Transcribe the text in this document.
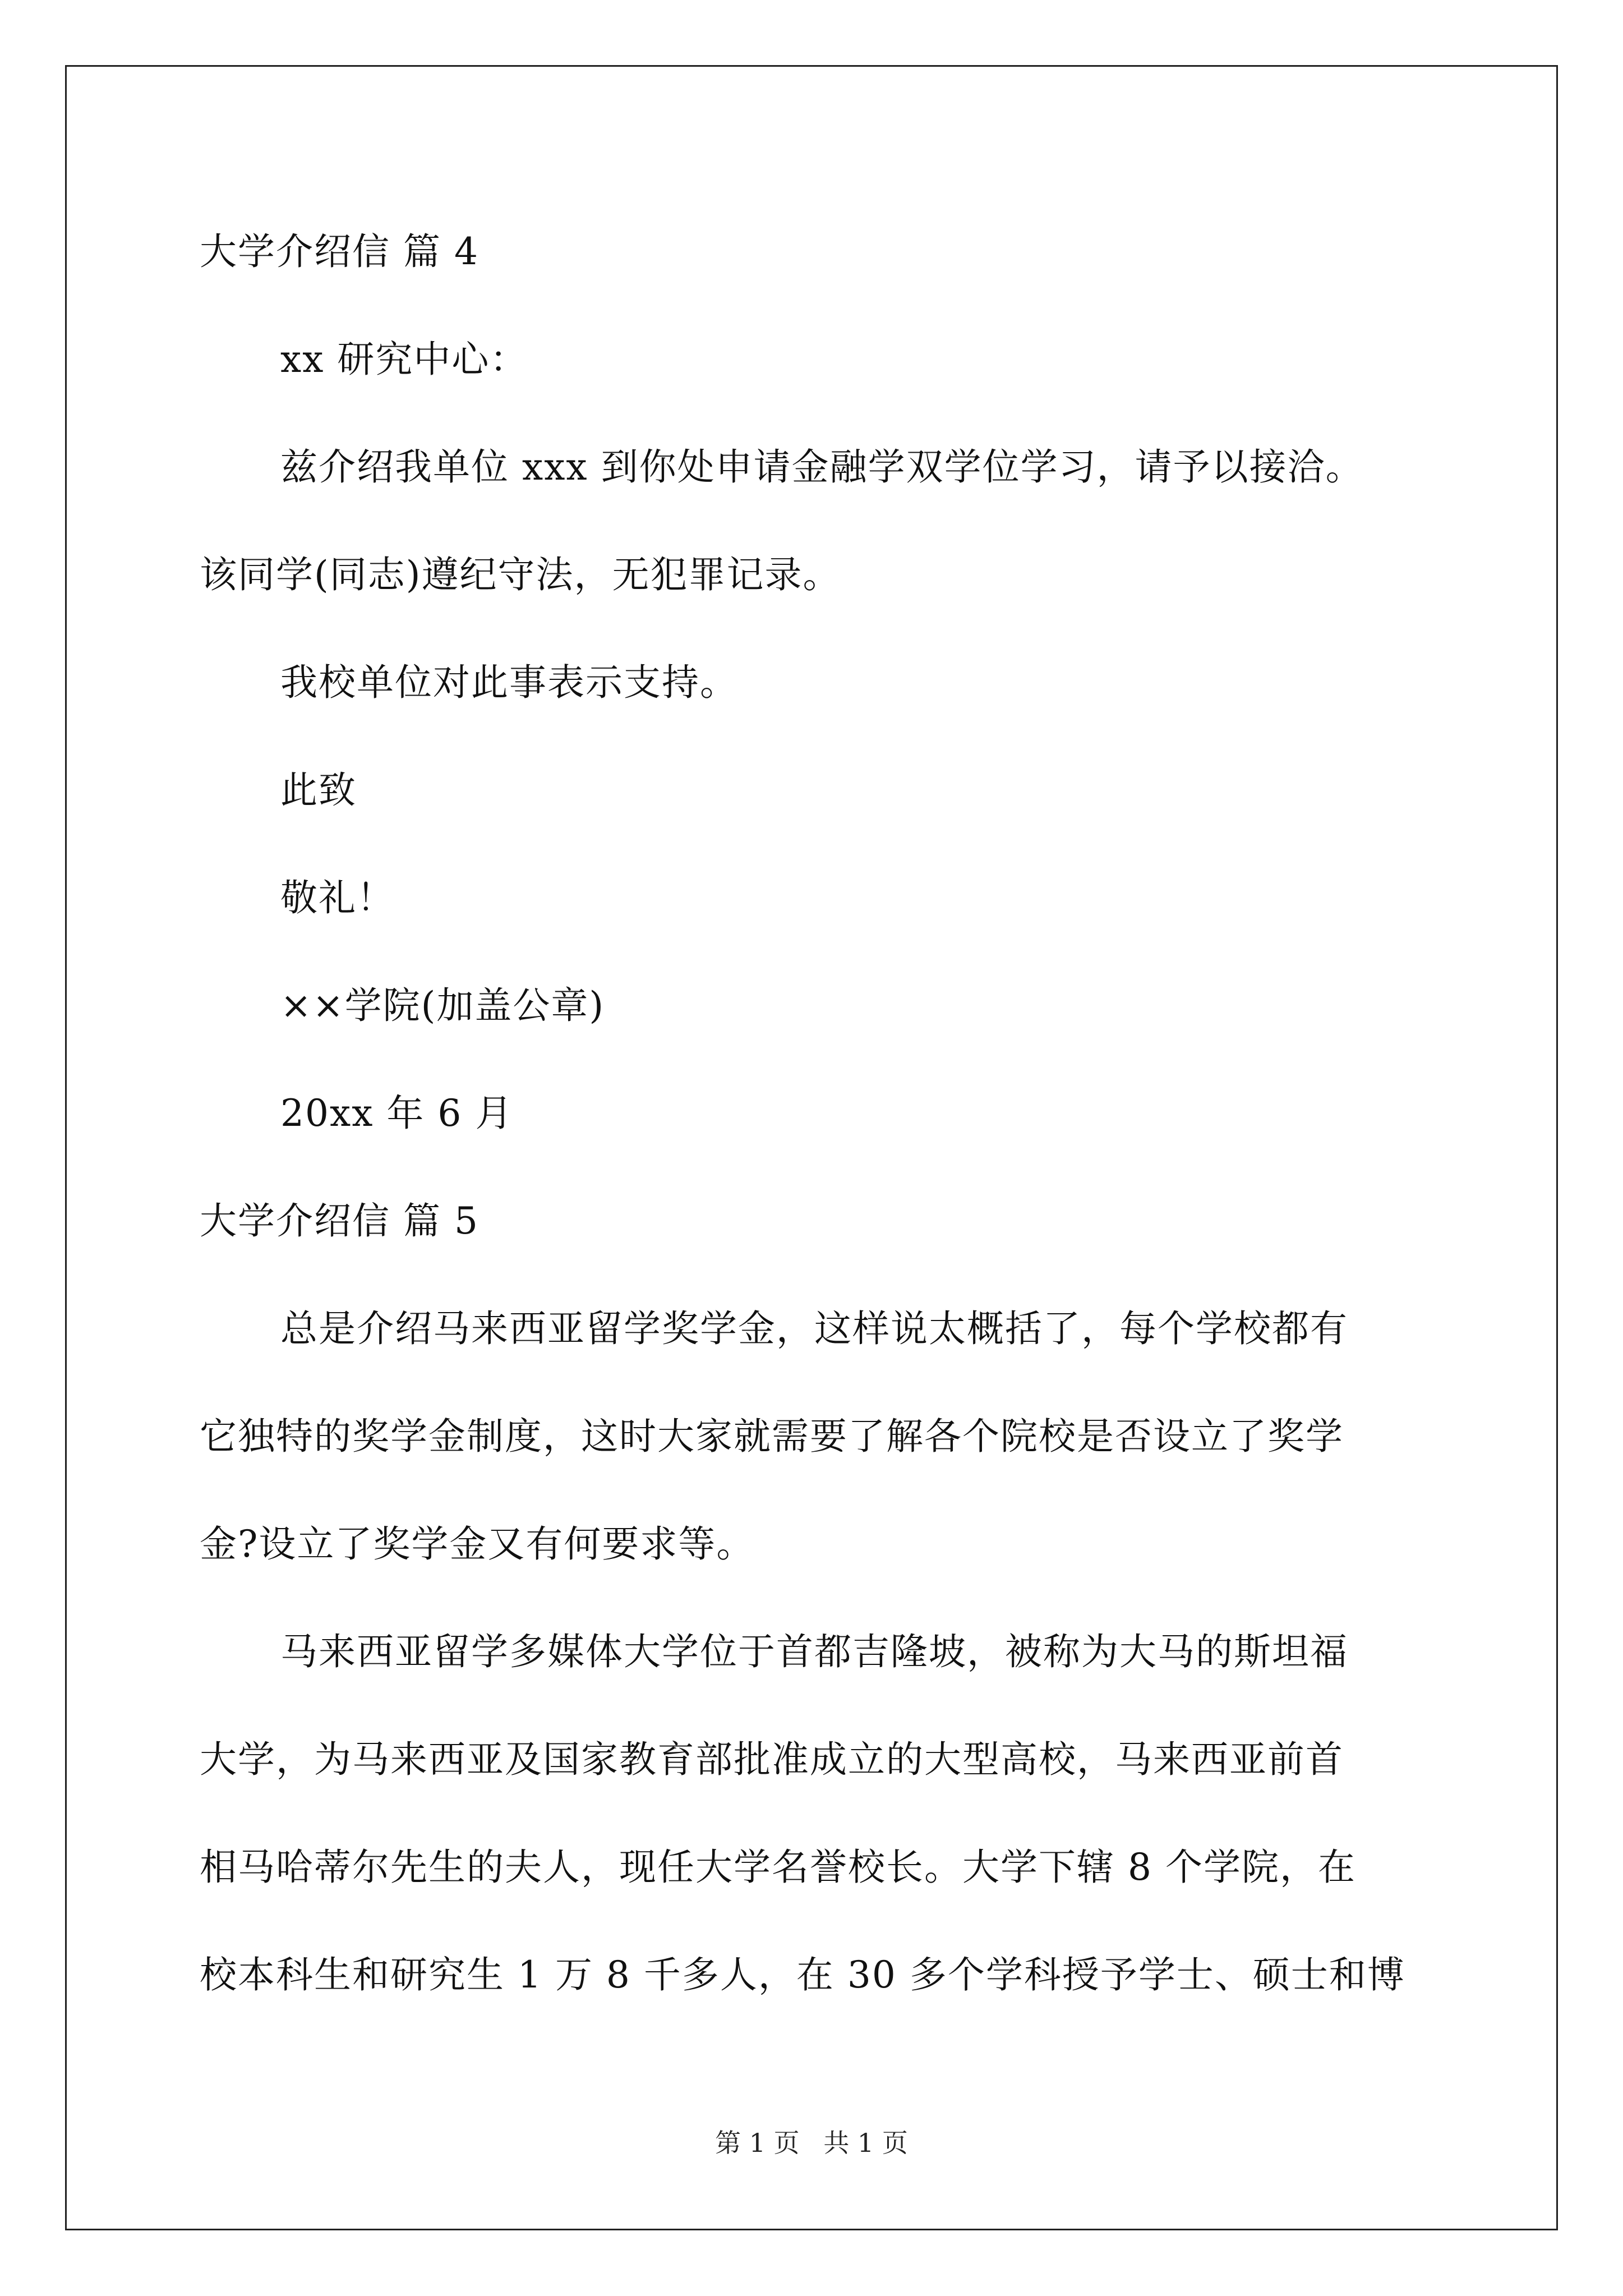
大学介绍信 篇 4
xx 研究中心：
兹介绍我单位 xxx 到你处申请金融学双学位学习，请予以接洽。
该同学(同志)遵纪守法，无犯罪记录。
我校单位对此事表示支持。
此致
敬礼！
××学院(加盖公章)
20xx 年 6 月
大学介绍信 篇 5
总是介绍马来西亚留学奖学金，这样说太概括了，每个学校都有
它独特的奖学金制度，这时大家就需要了解各个院校是否设立了奖学
金?设立了奖学金又有何要求等。
马来西亚留学多媒体大学位于首都吉隆坡，被称为大马的斯坦福
大学，为马来西亚及国家教育部批准成立的大型高校，马来西亚前首
相马哈蒂尔先生的夫人，现任大学名誉校长。大学下辖 8 个学院，在
校本科生和研究生 1 万 8 千多人，在 30 多个学科授予学士、硕士和博
第 1 页 共 1 页
